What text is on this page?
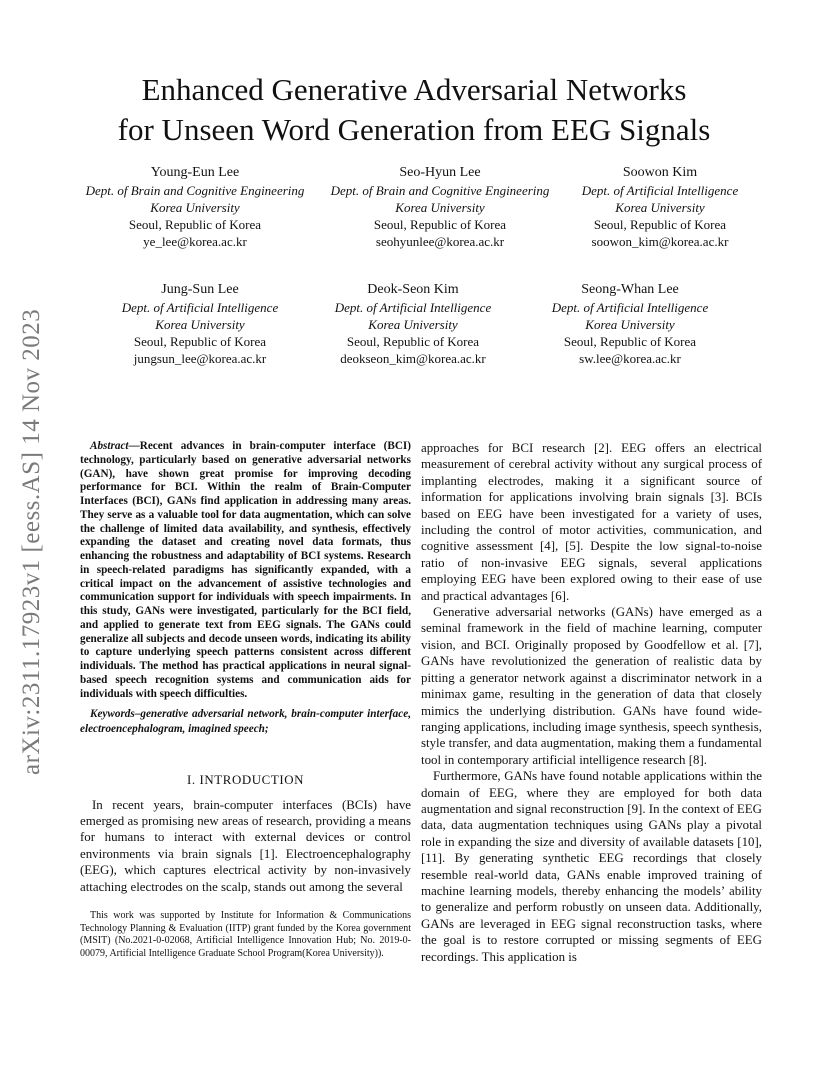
arXiv:2311.17923v1 [eess.AS] 14 Nov 2023
Enhanced Generative Adversarial Networks
for Unseen Word Generation from EEG Signals
Young-Eun Lee
Dept. of Brain and Cognitive Engineering
Korea University
Seoul, Republic of Korea
ye_lee@korea.ac.kr
Seo-Hyun Lee
Dept. of Brain and Cognitive Engineering
Korea University
Seoul, Republic of Korea
seohyunlee@korea.ac.kr
Soowon Kim
Dept. of Artificial Intelligence
Korea University
Seoul, Republic of Korea
soowon_kim@korea.ac.kr
Jung-Sun Lee
Dept. of Artificial Intelligence
Korea University
Seoul, Republic of Korea
jungsun_lee@korea.ac.kr
Deok-Seon Kim
Dept. of Artificial Intelligence
Korea University
Seoul, Republic of Korea
deokseon_kim@korea.ac.kr
Seong-Whan Lee
Dept. of Artificial Intelligence
Korea University
Seoul, Republic of Korea
sw.lee@korea.ac.kr

Abstract—Recent advances in brain-computer interface (BCI) technology, particularly based on generative adversarial networks (GAN), have shown great promise for improving decoding performance for BCI. Within the realm of Brain-Computer Interfaces (BCI), GANs find application in addressing many areas. They serve as a valuable tool for data augmentation, which can solve the challenge of limited data availability, and synthesis, effectively expanding the dataset and creating novel data formats, thus enhancing the robustness and adaptability of BCI systems. Research in speech-related paradigms has significantly expanded, with a critical impact on the advancement of assistive technologies and communication support for individuals with speech impairments. In this study, GANs were investigated, particularly for the BCI field, and applied to generate text from EEG signals. The GANs could generalize all subjects and decode unseen words, indicating its ability to capture underlying speech patterns consistent across different individuals. The method has practical applications in neural signal-based speech recognition systems and communication aids for individuals with speech difficulties.

Keywords–generative adversarial network, brain-computer interface, electroencephalogram, imagined speech;

I. INTRODUCTION

In recent years, brain-computer interfaces (BCIs) have emerged as promising new areas of research, providing a means for humans to interact with external devices or control environments via brain signals [1]. Electroencephalography (EEG), which captures electrical activity by non-invasively attaching electrodes on the scalp, stands out among the several

This work was supported by Institute for Information & Communications Technology Planning & Evaluation (IITP) grant funded by the Korea government (MSIT) (No.2021-0-02068, Artificial Intelligence Innovation Hub; No. 2019-0-00079, Artificial Intelligence Graduate School Program(Korea University)).

approaches for BCI research [2]. EEG offers an electrical measurement of cerebral activity without any surgical process of implanting electrodes, making it a significant source of information for applications involving brain signals [3]. BCIs based on EEG have been investigated for a variety of uses, including the control of motor activities, communication, and cognitive assessment [4], [5]. Despite the low signal-to-noise ratio of non-invasive EEG signals, several applications employing EEG have been explored owing to their ease of use and practical advantages [6].

Generative adversarial networks (GANs) have emerged as a seminal framework in the field of machine learning, computer vision, and BCI. Originally proposed by Goodfellow et al. [7], GANs have revolutionized the generation of realistic data by pitting a generator network against a discriminator network in a minimax game, resulting in the generation of data that closely mimics the underlying distribution. GANs have found wide-ranging applications, including image synthesis, speech synthesis, style transfer, and data augmentation, making them a fundamental tool in contemporary artificial intelligence research [8].

Furthermore, GANs have found notable applications within the domain of EEG, where they are employed for both data augmentation and signal reconstruction [9]. In the context of EEG data, data augmentation techniques using GANs play a pivotal role in expanding the size and diversity of available datasets [10], [11]. By generating synthetic EEG recordings that closely resemble real-world data, GANs enable improved training of machine learning models, thereby enhancing the models’ ability to generalize and perform robustly on unseen data. Additionally, GANs are leveraged in EEG signal reconstruction tasks, where the goal is to restore corrupted or missing segments of EEG recordings. This application is
